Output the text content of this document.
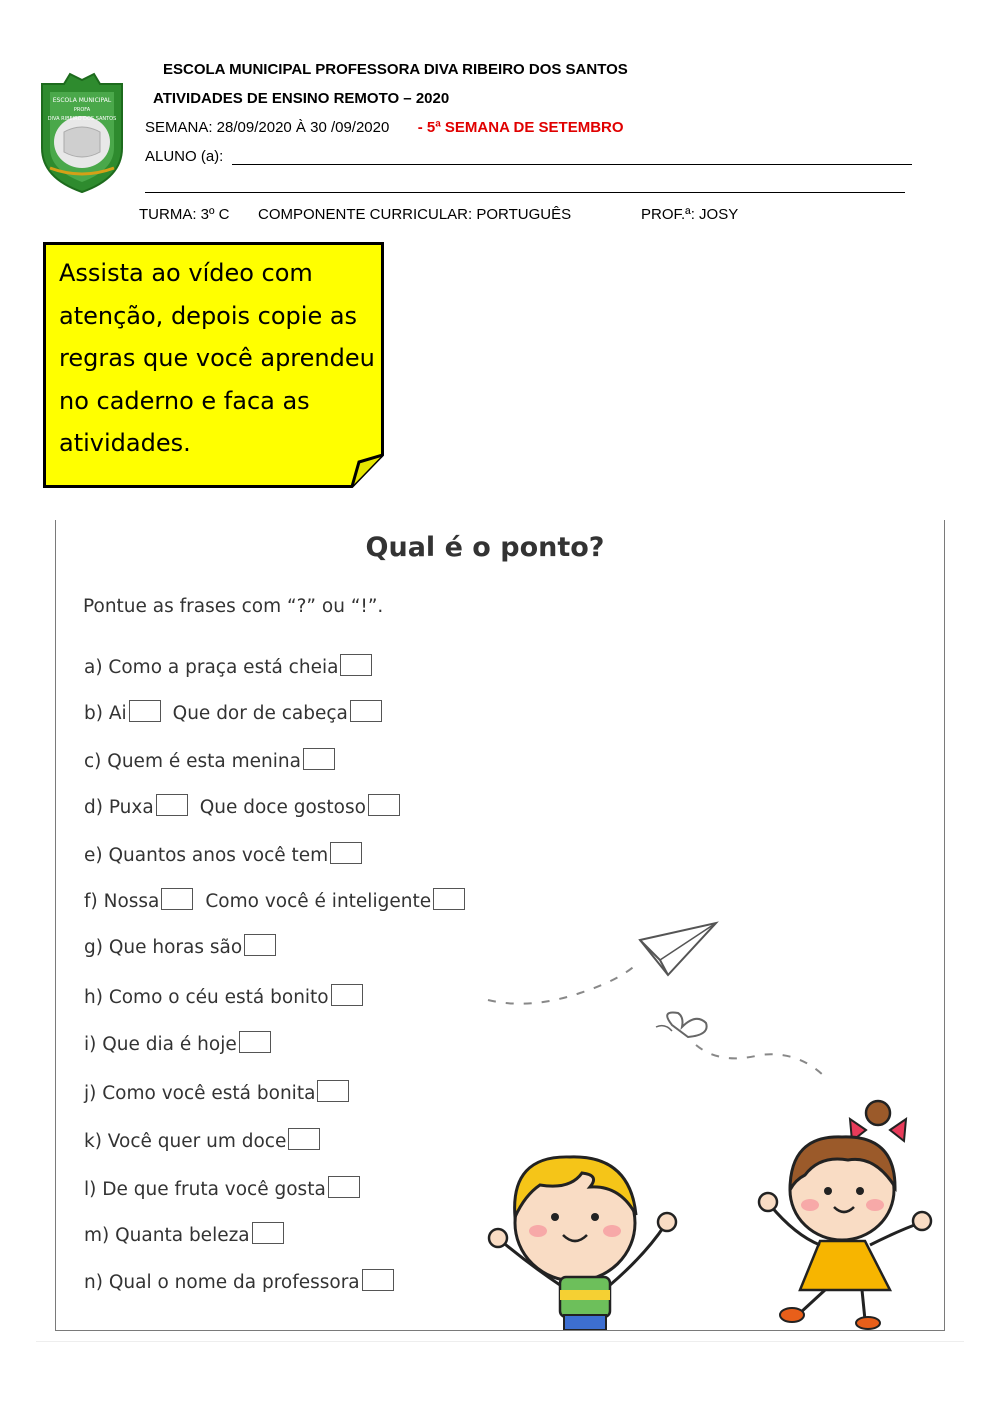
ESCOLA MUNICIPAL
PROFA
DIVA RIBEIRO DOS SANTOS
ESCOLA MUNICIPAL PROFESSORA DIVA RIBEIRO DOS SANTOS
ATIVIDADES DE ENSINO REMOTO – 2020
SEMANA: 28/09/2020 À 30 /09/2020 - 5ª SEMANA DE SETEMBRO
ALUNO (a):
TURMA: 3º C COMPONENTE CURRICULAR: PORTUGUÊS	PROF.ª: JOSY
Assista ao vídeo com atenção, depois copie as regras que você aprendeu no caderno e faca as atividades.
Qual é o ponto?
Pontue as frases com “?” ou “!”.
a) Como a praça está cheia
b) Ai Que dor de cabeça
c) Quem é esta menina
d) Puxa Que doce gostoso
e) Quantos anos você tem
f) Nossa Como você é inteligente
g) Que horas são
h) Como o céu está bonito
i) Que dia é hoje
j) Como você está bonita
k) Você quer um doce
l) De que fruta você gosta
m) Quanta beleza
n) Qual o nome da professora
